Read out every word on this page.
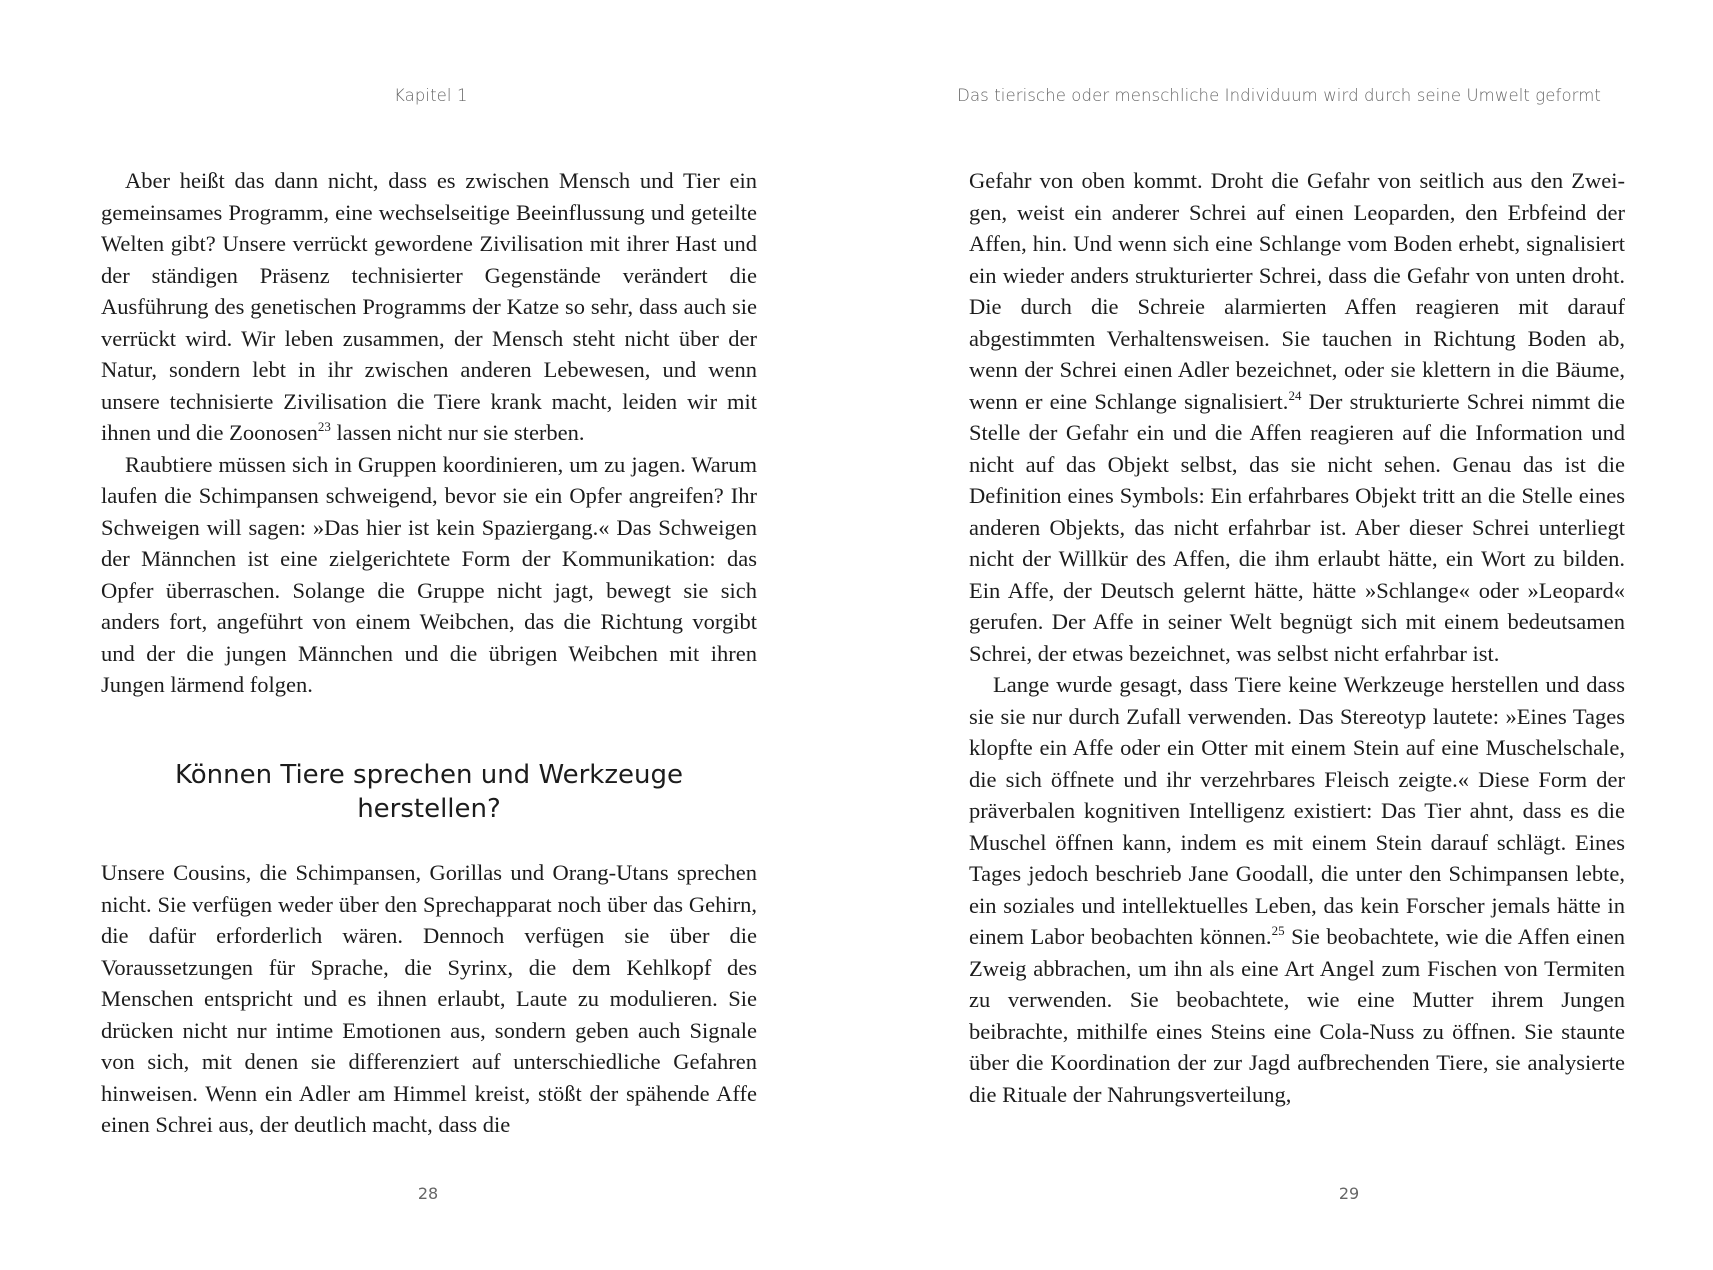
Kapitel 1

Aber heißt das dann nicht, dass es zwischen Mensch und Tier ein gemeinsames Programm, eine wechselseitige Beeinflussung und geteilte Welten gibt? Unsere verrückt gewordene Zivilisation mit ihrer Hast und der ständigen Präsenz technisierter Gegenstände verändert die Ausführung des genetischen Programms der Katze so sehr, dass auch sie verrückt wird. Wir leben zusammen, der Mensch steht nicht über der Natur, sondern lebt in ihr zwischen anderen Lebewesen, und wenn unsere technisierte Zivilisation die Tiere krank macht, leiden wir mit ihnen und die Zoonosen$^{23}$ lassen nicht nur sie sterben.

Raubtiere müssen sich in Gruppen koordinieren, um zu jagen. Warum laufen die Schimpansen schweigend, bevor sie ein Opfer angreifen? Ihr Schweigen will sagen: »Das hier ist kein Spaziergang.« Das Schweigen der Männchen ist eine zielgerichtete Form der Kommunikation: das Opfer überraschen. Solange die Gruppe nicht jagt, bewegt sie sich anders fort, angeführt von einem Weibchen, das die Richtung vorgibt und der die jungen Männchen und die übrigen Weibchen mit ihren Jungen lärmend folgen.

Können Tiere sprechen und Werkzeuge
herstellen?

Unsere Cousins, die Schimpansen, Gorillas und Orang-Utans sprechen nicht. Sie verfügen weder über den Sprechapparat noch über das Gehirn, die dafür erforderlich wären. Dennoch verfügen sie über die Voraussetzungen für Sprache, die Syrinx, die dem Kehlkopf des Menschen entspricht und es ihnen erlaubt, Laute zu modulieren. Sie drücken nicht nur intime Emotionen aus, sondern geben auch Signale von sich, mit denen sie differenziert auf unterschiedliche Gefahren hinweisen. Wenn ein Adler am Himmel kreist, stößt der spähende Affe einen Schrei aus, der deutlich macht, dass die

28
Das tierische oder menschliche Individuum wird durch seine Umwelt geformt

Gefahr von oben kommt. Droht die Gefahr von seitlich aus den Zweigen, weist ein anderer Schrei auf einen Leoparden, den Erbfeind der Affen, hin. Und wenn sich eine Schlange vom Boden erhebt, signalisiert ein wieder anders strukturierter Schrei, dass die Gefahr von unten droht. Die durch die Schreie alarmierten Affen reagieren mit darauf abgestimmten Verhaltensweisen. Sie tauchen in Richtung Boden ab, wenn der Schrei einen Adler bezeichnet, oder sie klettern in die Bäume, wenn er eine Schlange signalisiert.$^{24}$ Der strukturierte Schrei nimmt die Stelle der Gefahr ein und die Affen reagieren auf die Information und nicht auf das Objekt selbst, das sie nicht sehen. Genau das ist die Definition eines Symbols: Ein erfahrbares Objekt tritt an die Stelle eines anderen Objekts, das nicht erfahrbar ist. Aber dieser Schrei unterliegt nicht der Willkür des Affen, die ihm erlaubt hätte, ein Wort zu bilden. Ein Affe, der Deutsch gelernt hätte, hätte »Schlange« oder »Leopard« gerufen. Der Affe in seiner Welt begnügt sich mit einem bedeutsamen Schrei, der etwas bezeichnet, was selbst nicht erfahrbar ist.

Lange wurde gesagt, dass Tiere keine Werkzeuge herstellen und dass sie sie nur durch Zufall verwenden. Das Stereotyp lautete: »Eines Tages klopfte ein Affe oder ein Otter mit einem Stein auf eine Muschelschale, die sich öffnete und ihr verzehrbares Fleisch zeigte.« Diese Form der präverbalen kognitiven Intelligenz existiert: Das Tier ahnt, dass es die Muschel öffnen kann, indem es mit einem Stein darauf schlägt. Eines Tages jedoch beschrieb Jane Goodall, die unter den Schimpansen lebte, ein soziales und intellektuelles Leben, das kein Forscher jemals hätte in einem Labor beobachten können.$^{25}$ Sie beobachtete, wie die Affen einen Zweig abbrachen, um ihn als eine Art Angel zum Fischen von Termiten zu verwenden. Sie beobachtete, wie eine Mutter ihrem Jungen beibrachte, mithilfe eines Steins eine Cola-Nuss zu öffnen. Sie staunte über die Koordination der zur Jagd aufbrechenden Tiere, sie analysierte die Rituale der Nahrungsverteilung,

29
